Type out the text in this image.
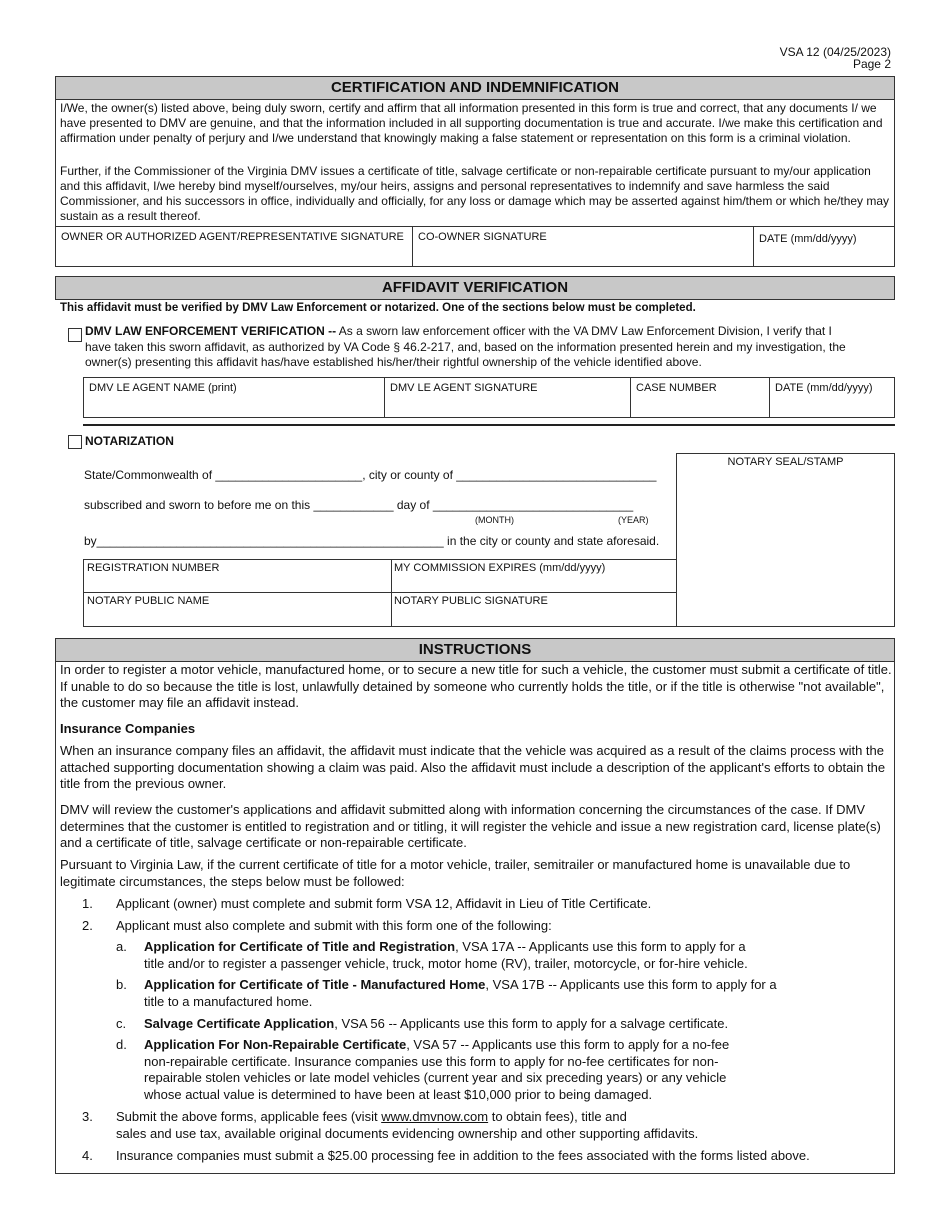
VSA 12 (04/25/2023)
Page 2
CERTIFICATION AND INDEMNIFICATION

I/We, the owner(s) listed above, being duly sworn, certify and affirm that all information presented in this form is true and correct, that any documents I/ we have presented to DMV are genuine, and that the information included in all supporting documentation is true and accurate. I/we make this certification and affirmation under penalty of perjury and I/we understand that knowingly making a false statement or representation on this form is a criminal violation.

Further, if the Commissioner of the Virginia DMV issues a certificate of title, salvage certificate or non-repairable certificate pursuant to my/our application and this affidavit, I/we hereby bind myself/ourselves, my/our heirs, assigns and personal representatives to indemnify and save harmless the said Commissioner, and his successors in office, individually and officially, for any loss or damage which may be asserted against him/them or which he/they may sustain as a result thereof.

OWNER OR AUTHORIZED AGENT/REPRESENTATIVE SIGNATURE	CO-OWNER SIGNATURE	DATE (mm/dd/yyyy)
AFFIDAVIT VERIFICATION
This affidavit must be verified by DMV Law Enforcement or notarized. One of the sections below must be completed.
DMV LAW ENFORCEMENT VERIFICATION -- As a sworn law enforcement officer with the VA DMV Law Enforcement Division, I verify that I
have taken this sworn affidavit, as authorized by VA Code § 46.2-217, and, based on the information presented herein and my investigation, the
owner(s) presenting this affidavit has/have established his/her/their rightful ownership of the vehicle identified above.
DMV LE AGENT NAME (print)	DMV LE AGENT SIGNATURE	CASE NUMBER	DATE (mm/dd/yyyy)
NOTARIZATION
State/Commonwealth of ______________________, city or county of ______________________________
subscribed and sworn to before me on this ____________ day of ______________________________
(MONTH)	(YEAR)
by____________________________________________________ in the city or county and state aforesaid.
REGISTRATION NUMBER	MY COMMISSION EXPIRES (mm/dd/yyyy)
NOTARY PUBLIC NAME	NOTARY PUBLIC SIGNATURE
NOTARY SEAL/STAMP
INSTRUCTIONS

In order to register a motor vehicle, manufactured home, or to secure a new title for such a vehicle, the customer must submit a certificate of title. If unable to do so because the title is lost, unlawfully detained by someone who currently holds the title, or if the title is otherwise "not available", the customer may file an affidavit instead.

Insurance Companies

When an insurance company files an affidavit, the affidavit must indicate that the vehicle was acquired as a result of the claims process with the attached supporting documentation showing a claim was paid. Also the affidavit must include a description of the applicant's efforts to obtain the title from the previous owner.

DMV will review the customer's applications and affidavit submitted along with information concerning the circumstances of the case. If DMV determines that the customer is entitled to registration and or titling, it will register the vehicle and issue a new registration card, license plate(s) and a certificate of title, salvage certificate or non-repairable certificate.

Pursuant to Virginia Law, if the current certificate of title for a motor vehicle, trailer, semitrailer or manufactured home is unavailable due to legitimate circumstances, the steps below must be followed:

1. Applicant (owner) must complete and submit form VSA 12, Affidavit in Lieu of Title Certificate.
2. Applicant must also complete and submit with this form one of the following:
a. Application for Certificate of Title and Registration, VSA 17A -- Applicants use this form to apply for a
title and/or to register a passenger vehicle, truck, motor home (RV), trailer, motorcycle, or for-hire vehicle.
b. Application for Certificate of Title - Manufactured Home, VSA 17B -- Applicants use this form to apply for a
title to a manufactured home.
c. Salvage Certificate Application, VSA 56 -- Applicants use this form to apply for a salvage certificate.
d. Application For Non-Repairable Certificate, VSA 57 -- Applicants use this form to apply for a no-fee
non-repairable certificate. Insurance companies use this form to apply for no-fee certificates for non-
repairable stolen vehicles or late model vehicles (current year and six preceding years) or any vehicle
whose actual value is determined to have been at least $10,000 prior to being damaged.
3. Submit the above forms, applicable fees (visit www.dmvnow.com to obtain fees), title and
sales and use tax, available original documents evidencing ownership and other supporting affidavits.
4. Insurance companies must submit a $25.00 processing fee in addition to the fees associated with the forms listed above.
